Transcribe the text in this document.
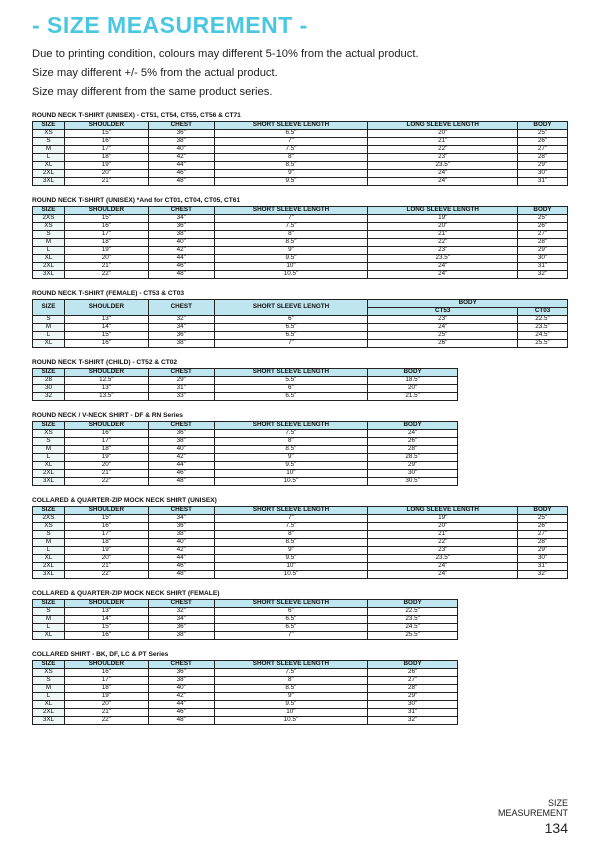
- SIZE MEASUREMENT -

Due to printing condition, colours may different 5-10% from the actual product.

Size may different +/- 5% from the actual product.

Size may different from the same product series.

ROUND NECK T-SHIRT (UNISEX) - CT51, CT54, CT55, CT56 & CT71
SIZE	SHOULDER	CHEST	SHORT SLEEVE LENGTH	LONG SLEEVE LENGTH	BODY
XS	15"	36"	6.5"	20"	25"
S	16"	38"	7"	21"	26"
M	17"	40"	7.5"	22"	27"
L	18"	42"	8"	23"	28"
XL	19"	44"	8.5"	23.5"	29"
2XL	20"	46"	9"	24"	30"
3XL	21"	48"	9.5"	24"	31"
ROUND NECK T-SHIRT (UNISEX) *And for CT01, CT04, CT05, CT61
SIZE	SHOULDER	CHEST	SHORT SLEEVE LENGTH	LONG SLEEVE LENGTH	BODY
2XS	15"	34"	7"	19"	25"
XS	16"	36"	7.5"	20"	26"
S	17"	38"	8"	21"	27"
M	18"	40"	8.5"	22"	28"
L	19"	42"	9"	23"	29"
XL	20"	44"	9.5"	23.5"	30"
2XL	21"	46"	10"	24"	31"
3XL	22"	48"	10.5"	24"	32"
ROUND NECK T-SHIRT (FEMALE) - CT53 & CT03
SIZE	SHOULDER	CHEST	SHORT SLEEVE LENGTH	BODY	
				CT53	CT03
S	13"	32"	6"	23"	22.5"
M	14"	34"	6.5"	24"	23.5"
L	15"	36"	6.5"	25"	24.5"
XL	16"	38"	7"	26"	25.5"
ROUND NECK T-SHIRT (CHILD) - CT52 & CT02
SIZE	SHOULDER	CHEST	SHORT SLEEVE LENGTH	BODY
28	12.5"	29"	5.5"	18.5"
30	13"	31"	6"	20"
32	13.5"	33"	6.5"	21.5"
ROUND NECK / V-NECK SHIRT - DF & RN Series
SIZE	SHOULDER	CHEST	SHORT SLEEVE LENGTH	BODY
XS	16"	36"	7.5"	24"
S	17"	38"	8"	26"
M	18"	40"	8.5"	28"
L	19"	42"	9"	28.5"
XL	20"	44"	9.5"	29"
2XL	21"	46"	10"	30"
3XL	22"	48"	10.5"	30.5"
COLLARED & QUARTER-ZIP MOCK NECK SHIRT (UNISEX)
SIZE	SHOULDER	CHEST	SHORT SLEEVE LENGTH	LONG SLEEVE LENGTH	BODY
2XS	15"	34"	7"	19"	25"
XS	16"	36"	7.5"	20"	26"
S	17"	38"	8"	21"	27"
M	18"	40"	8.5"	22"	28"
L	19"	42"	9"	23"	29"
XL	20"	44"	9.5"	23.5"	30"
2XL	21"	46"	10"	24"	31"
3XL	22"	48"	10.5"	24"	32"
COLLARED & QUARTER-ZIP MOCK NECK SHIRT (FEMALE)
SIZE	SHOULDER	CHEST	SHORT SLEEVE LENGTH	BODY
S	13"	32"	6"	22.5"
M	14"	34"	6.5"	23.5"
L	15"	36"	6.5"	24.5"
XL	16"	38"	7"	25.5"
COLLARED SHIRT - BK, DF, LC & PT Series
SIZE	SHOULDER	CHEST	SHORT SLEEVE LENGTH	BODY
XS	16"	36"	7.5"	26"
S	17"	38"	8"	27"
M	18"	40"	8.5"	28"
L	19"	42"	9"	29"
XL	20"	44"	9.5"	30"
2XL	21"	46"	10"	31"
3XL	22"	48"	10.5"	32"
SIZE
MEASUREMENT
134
